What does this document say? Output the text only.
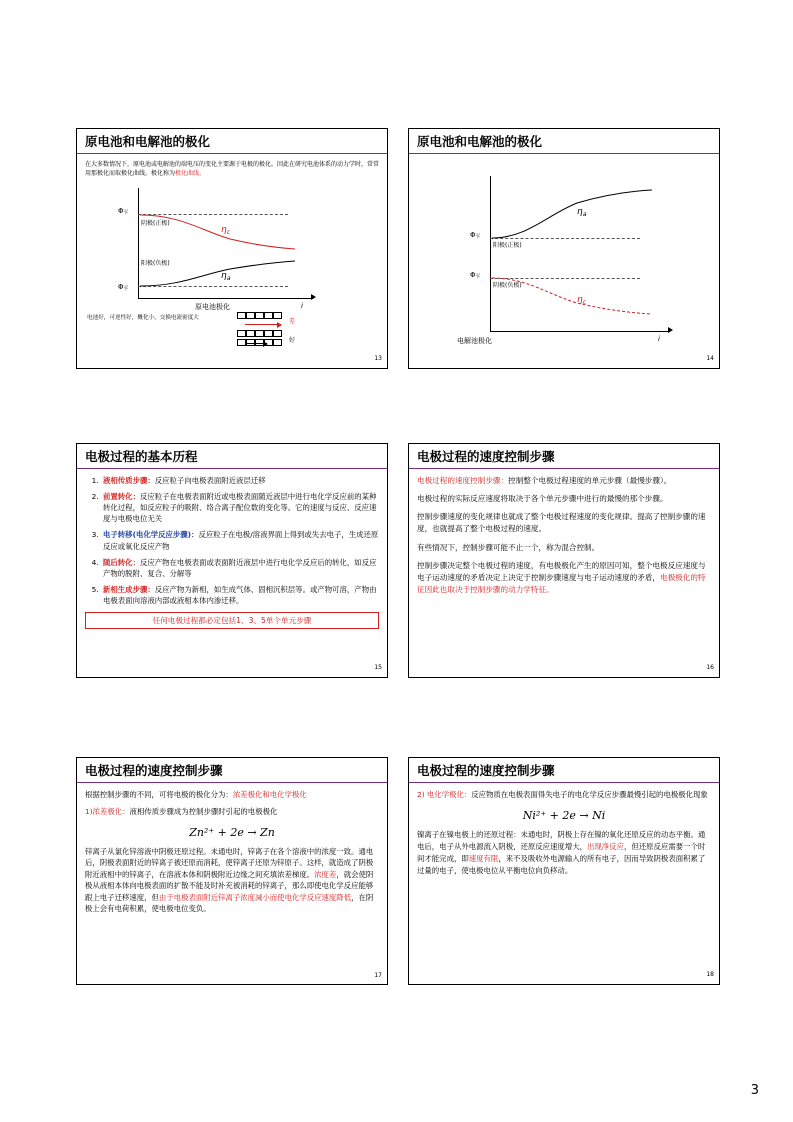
原电池和电解池的极化
在大多数情况下，原电池或电解池的端电压的变化主要源于电极的极化。因此在研究电池体系的动力学时，常常用那极化而取极化曲线。极化称为极化曲线。
i
$\Phi_平$
阴极(正极)
$\eta_c$
$\Phi_平$
阳极(负极)
$\eta_a$
原电池极化
电池好，可逆性好，概化小，交换电流密度大	差
好
13
原电池和电解池的极化
i
$\Phi_平$
阳极(正极)
$\eta_a$
$\Phi_平$
阴极(负极)
$\eta_c$
电解池极化
14
电极过程的基本历程
1. 液相传质步骤：反应粒子向电极表面附近液层迁移
2. 前置转化：反应粒子在电极表面附近或电极表面随近液层中进行电化学反应前的某种转化过程，如反应粒子的吸附、络合离子配位数的变化等。它的速度与反应、反应速度与电极电位无关
3. 电子转移(电化学反应步骤)：反应粒子在电极/溶液界面上得到或失去电子，生成还原反应或氧化反应产物
4. 随后转化：反应产物在电极表面或表面附近液层中进行电化学反应后的转化，如反应产物的脱附、复合、分解等
5. 新相生成步骤：反应产物为新相，如生成气体、固相沉积层等。或产物可溶，产物由电极表面向溶液内部或液相本体内渗迁移。
任何电极过程都必定包括1、3、5单个单元步骤
15
电极过程的速度控制步骤

电极过程的速度控制步骤：控制整个电极过程速度的单元步骤（最慢步骤）。

电极过程的实际反应速度将取决于各个单元步骤中进行的最慢的那个步骤。

控制步骤速度的变化规律也就成了整个电极过程速度的变化规律。提高了控制步骤的速度，也就提高了整个电极过程的速度。

有些情况下，控制步骤可能不止一个，称为混合控制。

控制步骤决定整个电极过程的速度，有电极极化产生的原因可知，整个电极反应速度与电子运动速度的矛盾决定上决定于控制步骤速度与电子运动速度的矛盾，电极极化的特征因此也取决于控制步骤的动力学特征。

16
电极过程的速度控制步骤

根据控制步骤的不同，可将电极的极化分为：浓差极化和电化学极化

1)浓差极化：液相传质步骤成为控制步骤时引起的电极极化

Zn²⁺ + 2e → Zn

锌离子从氯化锌溶液中阴极还原过程。未通电时，锌离子在各个溶液中的浓度一致。通电后，阴极表面附近的锌离子被还原而消耗，使锌离子还原为锌原子。这样，就造成了阴极附近液相中的锌离子，在溶液本体和阴极附近边缘之间充填浓差梯度。浓度差，就会使阴极从液相本体向电极表面的扩散不能及时补充被消耗的锌离子，那么即使电化学反应能够跟上电子迁移速度，但由于电极表面附近锌离子浓度减小而使电化学反应速度降低，在阴极上会有电荷积累，使电极电位变负。

17
电极过程的速度控制步骤

2) 电化学极化：反应物质在电极表面得失电子的电化学反应步骤最慢引起的电极极化现象

Ni²⁺ + 2e → Ni

镍离子在镍电极上的还原过程：未通电时，阴极上存在镍的氧化还原反应的动态平衡。通电后，电子从外电源流入阴极，还原反应速度增大，出现净反应，但还原反应需要一个时间才能完成，即速度有限，来不及吸收外电源输入的所有电子，因而导致阴极表面积累了过量的电子，使电极电位从平衡电位向负移动。

18
3
